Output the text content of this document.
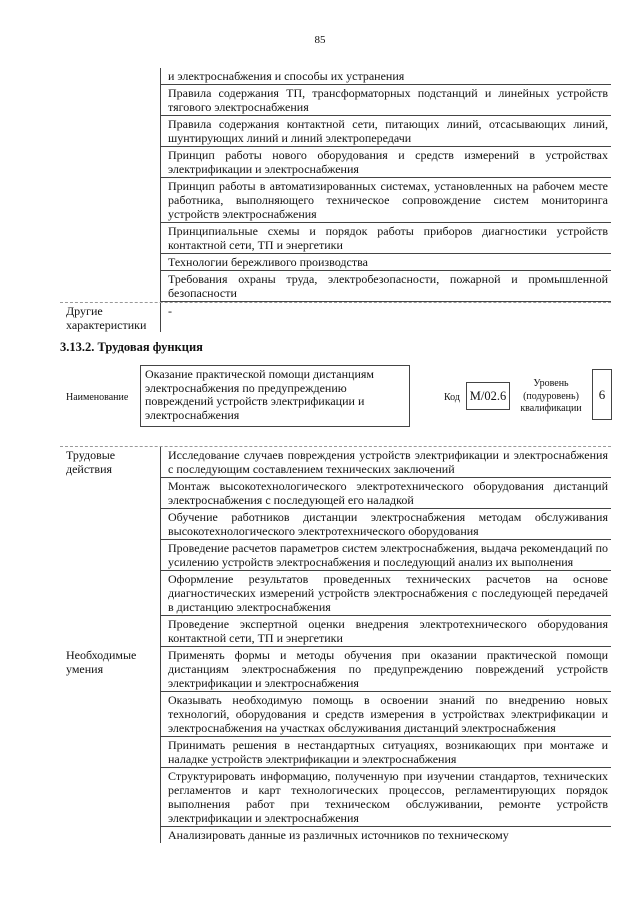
85
и электроснабжения и способы их устранения
Правила содержания ТП, трансформаторных подстанций и линейных устройств тягового электроснабжения
Правила содержания контактной сети, питающих линий, отсасывающих линий, шунтирующих линий и линий электропередачи
Принцип работы нового оборудования и средств измерений в устройствах электрификации и электроснабжения
Принцип работы в автоматизированных системах, установленных на рабочем месте работника, выполняющего техническое сопровождение систем мониторинга устройств электроснабжения
Принципиальные схемы и порядок работы приборов диагностики устройств контактной сети, ТП и энергетики
Технологии бережливого производства
Требования охраны труда, электробезопасности, пожарной и промышленной безопасности
Другие характеристики
-
3.13.2. Трудовая функция
Наименование
Оказание практической помощи дистанциям электроснабжения по предупреждению повреждений устройств электрификации и электроснабжения
Код М/02.6
Уровень (подуровень) квалификации
6
Трудовые действия
Исследование случаев повреждения устройств электрификации и электроснабжения с последующим составлением технических заключений
Монтаж высокотехнологического электротехнического оборудования дистанций электроснабжения с последующей его наладкой
Обучение работников дистанции электроснабжения методам обслуживания высокотехнологического электротехнического оборудования
Проведение расчетов параметров систем электроснабжения, выдача рекомендаций по усилению устройств электроснабжения и последующий анализ их выполнения
Оформление результатов проведенных технических расчетов на основе диагностических измерений устройств электроснабжения с последующей передачей в дистанцию электроснабжения
Проведение экспертной оценки внедрения электротехнического оборудования контактной сети, ТП и энергетики
Необходимые умения
Применять формы и методы обучения при оказании практической помощи дистанциям электроснабжения по предупреждению повреждений устройств электрификации и электроснабжения
Оказывать необходимую помощь в освоении знаний по внедрению новых технологий, оборудования и средств измерения в устройствах электрификации и электроснабжения на участках обслуживания дистанций электроснабжения
Принимать решения в нестандартных ситуациях, возникающих при монтаже и наладке устройств электрификации и электроснабжения
Структурировать информацию, полученную при изучении стандартов, технических регламентов и карт технологических процессов, регламентирующих порядок выполнения работ при техническом обслуживании, ремонте устройств электрификации и электроснабжения
Анализировать данные из различных источников по техническому
